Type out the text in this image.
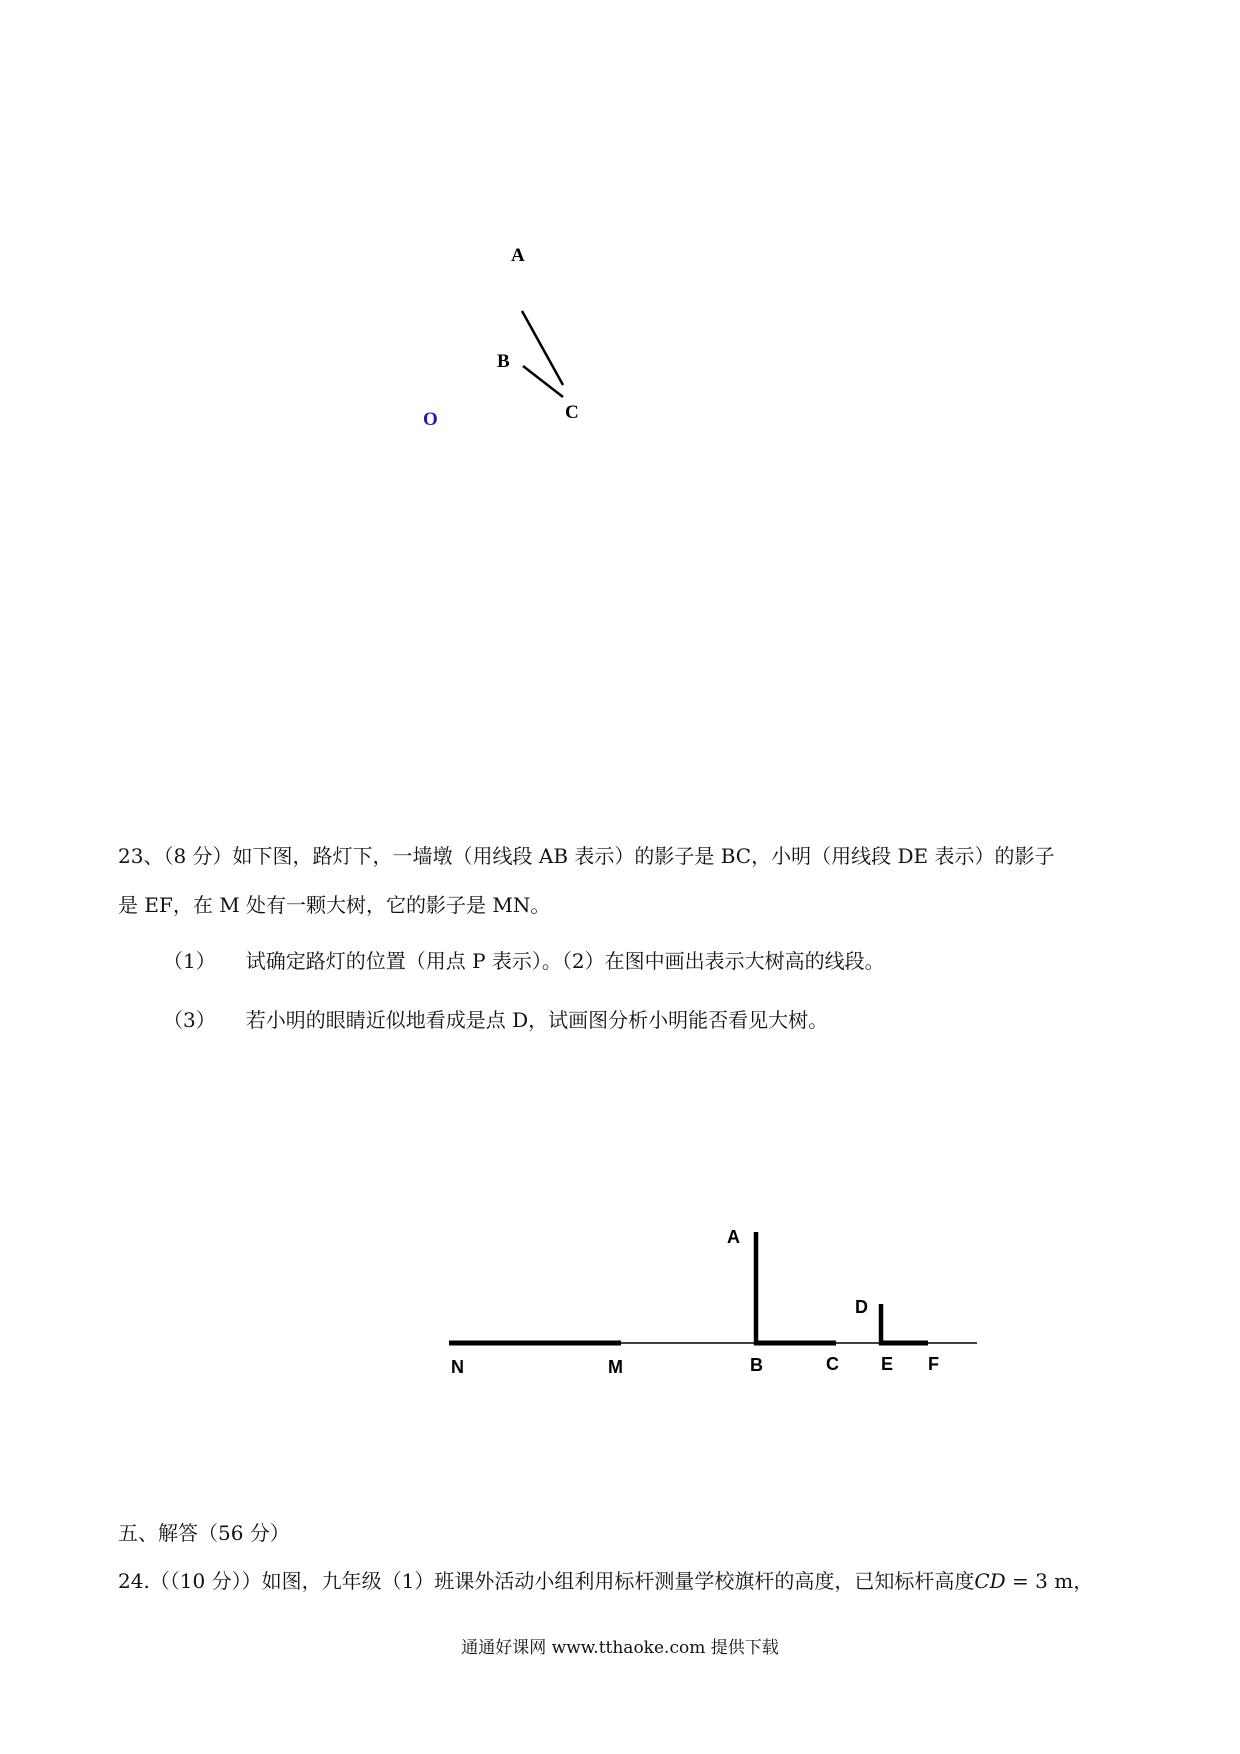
A
B
C
O
A
D
N	M	B	C E F
23、（8 分）如下图，路灯下，一墙墩（用线段 AB 表示）的影子是 BC，小明（用线段 DE 表示）的影子
是 EF，在 M 处有一颗大树，它的影子是 MN。
（1） 试确定路灯的位置（用点 P 表示）。（2）在图中画出表示大树高的线段。
（3） 若小明的眼睛近似地看成是点 D，试画图分析小明能否看见大树。
五、解答（56 分）
24.（（10 分））如图，九年级（1）班课外活动小组利用标杆测量学校旗杆的高度，已知标杆高度CD = 3 m，
通通好课网 www.tthaoke.com 提供下载
